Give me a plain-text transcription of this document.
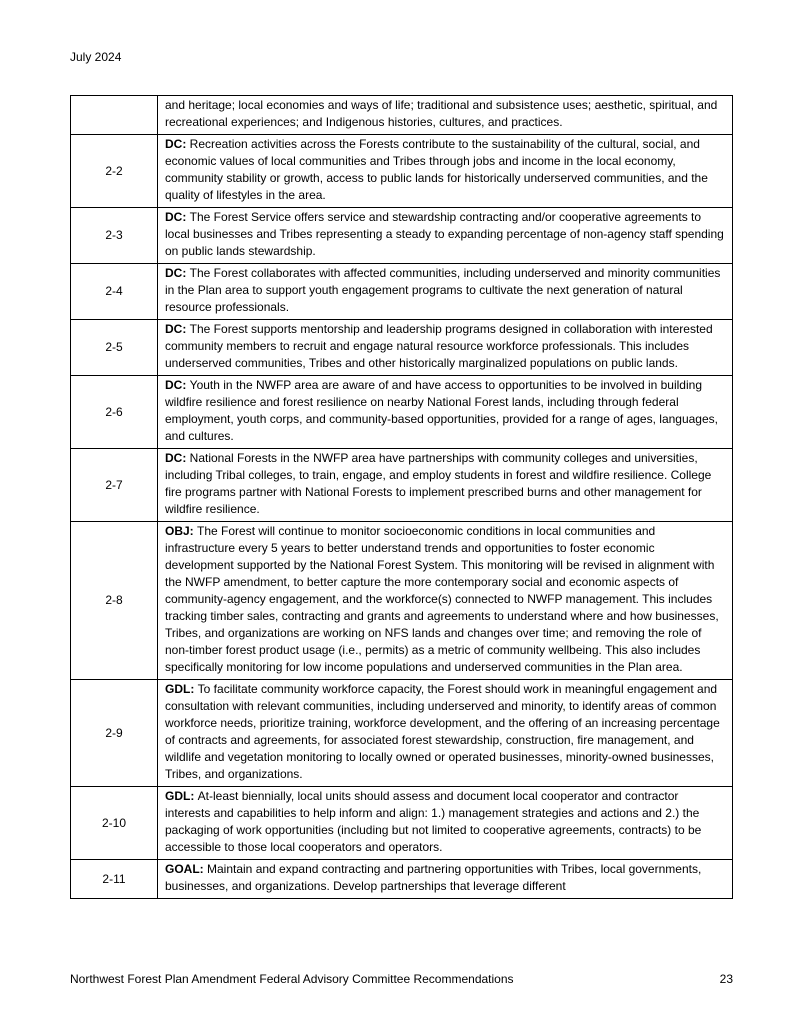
July 2024
	and heritage; local economies and ways of life; traditional and subsistence uses; aesthetic, spiritual, and recreational experiences; and Indigenous histories, cultures, and practices.
2-2	DC: Recreation activities across the Forests contribute to the sustainability of the cultural, social, and economic values of local communities and Tribes through jobs and income in the local economy, community stability or growth, access to public lands for historically underserved communities, and the quality of lifestyles in the area.
2-3	DC: The Forest Service offers service and stewardship contracting and/or cooperative agreements to local businesses and Tribes representing a steady to expanding percentage of non-agency staff spending on public lands stewardship.
2-4	DC: The Forest collaborates with affected communities, including underserved and minority communities in the Plan area to support youth engagement programs to cultivate the next generation of natural resource professionals.
2-5	DC: The Forest supports mentorship and leadership programs designed in collaboration with interested community members to recruit and engage natural resource workforce professionals. This includes underserved communities, Tribes and other historically marginalized populations on public lands.
2-6	DC: Youth in the NWFP area are aware of and have access to opportunities to be involved in building wildfire resilience and forest resilience on nearby National Forest lands, including through federal employment, youth corps, and community-based opportunities, provided for a range of ages, languages, and cultures.
2-7	DC: National Forests in the NWFP area have partnerships with community colleges and universities, including Tribal colleges, to train, engage, and employ students in forest and wildfire resilience. College fire programs partner with National Forests to implement prescribed burns and other management for wildfire resilience.
2-8	OBJ: The Forest will continue to monitor socioeconomic conditions in local communities and infrastructure every 5 years to better understand trends and opportunities to foster economic development supported by the National Forest System. This monitoring will be revised in alignment with the NWFP amendment, to better capture the more contemporary social and economic aspects of community-agency engagement, and the workforce(s) connected to NWFP management. This includes tracking timber sales, contracting and grants and agreements to understand where and how businesses, Tribes, and organizations are working on NFS lands and changes over time; and removing the role of non-timber forest product usage (i.e., permits) as a metric of community wellbeing. This also includes specifically monitoring for low income populations and underserved communities in the Plan area.
2-9	GDL: To facilitate community workforce capacity, the Forest should work in meaningful engagement and consultation with relevant communities, including underserved and minority, to identify areas of common workforce needs, prioritize training, workforce development, and the offering of an increasing percentage of contracts and agreements, for associated forest stewardship, construction, fire management, and wildlife and vegetation monitoring to locally owned or operated businesses, minority-owned businesses, Tribes, and organizations.
2-10	GDL: At-least biennially, local units should assess and document local cooperator and contractor interests and capabilities to help inform and align: 1.) management strategies and actions and 2.) the packaging of work opportunities (including but not limited to cooperative agreements, contracts) to be accessible to those local cooperators and operators.
2-11	GOAL: Maintain and expand contracting and partnering opportunities with Tribes, local governments, businesses, and organizations. Develop partnerships that leverage different
Northwest Forest Plan Amendment Federal Advisory Committee Recommendations	23
